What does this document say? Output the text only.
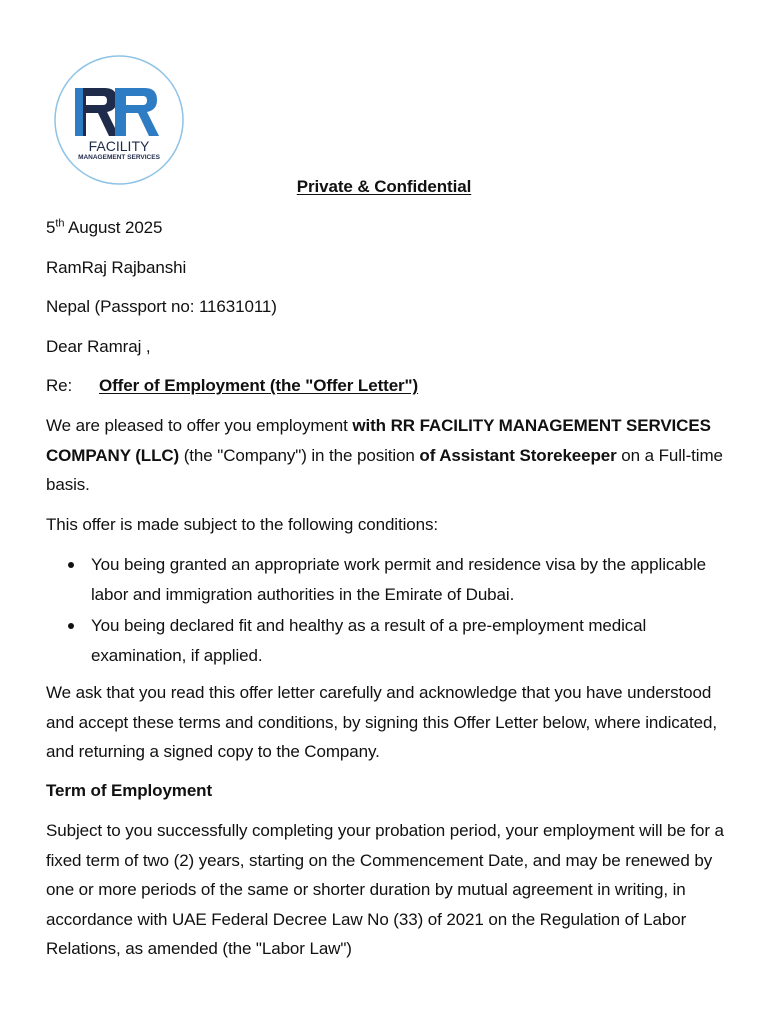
FACILITY
MANAGEMENT SERVICES
Private & Confidential
5th August 2025
RamRaj Rajbanshi
Nepal (Passport no: 11631011)
Dear Ramraj ,
Re: Offer of Employment (the "Offer Letter")
We are pleased to offer you employment with RR FACILITY MANAGEMENT SERVICES COMPANY (LLC) (the "Company") in the position of Assistant Storekeeper on a Full-time basis.
This offer is made subject to the following conditions:
You being granted an appropriate work permit and residence visa by the applicable labor and immigration authorities in the Emirate of Dubai.
You being declared fit and healthy as a result of a pre-employment medical examination, if applied.
We ask that you read this offer letter carefully and acknowledge that you have understood and accept these terms and conditions, by signing this Offer Letter below, where indicated, and returning a signed copy to the Company.
Term of Employment
Subject to you successfully completing your probation period, your employment will be for a fixed term of two (2) years, starting on the Commencement Date, and may be renewed by one or more periods of the same or shorter duration by mutual agreement in writing, in accordance with UAE Federal Decree Law No (33) of 2021 on the Regulation of Labor Relations, as amended (the "Labor Law")
